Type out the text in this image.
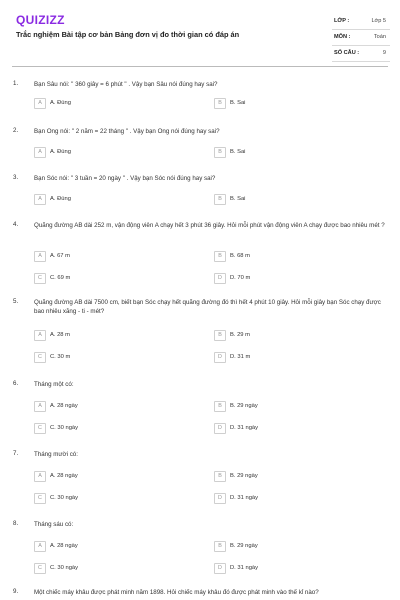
QUIZIZZ
Trắc nghiệm Bài tập cơ bản Bảng đơn vị đo thời gian có đáp án
LỚP :	Lớp 5
MÔN :	Toán
SỐ CÂU :	9
1.	Bạn Sâu nói: " 360 giây = 6 phút " . Vậy bạn Sâu nói đúng hay sai?
A	A. Đúng	B	B. Sai
2.	Bạn Ong nói: " 2 năm = 22 tháng " . Vậy bạn Ong nói đúng hay sai?
A	A. Đúng	B	B. Sai
3.	Bạn Sóc nói: " 3 tuần = 20 ngày " . Vậy bạn Sóc nói đúng hay sai?
A	A. Đúng	B	B. Sai
4.	Quãng đường AB dài 252 m, vận động viên A chạy hết 3 phút 36 giây. Hỏi mỗi phút vận động viên A chạy được bao nhiêu mét ?
A	A. 67 m	B	B. 68 m
C	C. 69 m	D	D. 70 m
5.	Quãng đường AB dài 7500 cm, biết bạn Sóc chạy hết quãng đường đó thì hết 4 phút 10 giây. Hỏi mỗi giây bạn Sóc chạy được bao nhiêu xăng - ti - mét?
A	A. 28 m	B	B. 29 m
C	C. 30 m	D	D. 31 m
6.	Tháng một có:
A	A. 28 ngày	B	B. 29 ngày
C	C. 30 ngày	D	D. 31 ngày
7.	Tháng mười có:
A	A. 28 ngày	B	B. 29 ngày
C	C. 30 ngày	D	D. 31 ngày
8.	Tháng sáu có:
A	A. 28 ngày	B	B. 29 ngày
C	C. 30 ngày	D	D. 31 ngày
9.	Một chiếc máy khâu được phát minh năm 1898. Hỏi chiếc máy khâu đó được phát minh vào thế kỉ nào?
